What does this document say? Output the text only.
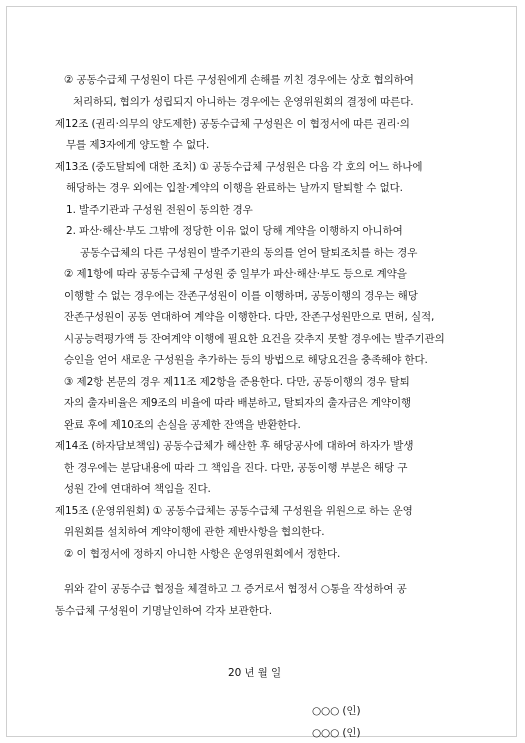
② 공동수급체 구성원이 다른 구성원에게 손해를 끼친 경우에는 상호 협의하여
처리하되, 협의가 성립되지 아니하는 경우에는 운영위원회의 결정에 따른다.
제12조 (권리·의무의 양도제한) 공동수급체 구성원은 이 협정서에 따른 권리·의
무를 제3자에게 양도할 수 없다.
제13조 (중도탈퇴에 대한 조치) ① 공동수급체 구성원은 다음 각 호의 어느 하나에
해당하는 경우 외에는 입찰·계약의 이행을 완료하는 날까지 탈퇴할 수 없다.
1. 발주기관과 구성원 전원이 동의한 경우
2. 파산·해산·부도 그밖에 정당한 이유 없이 당해 계약을 이행하지 아니하여
공동수급체의 다른 구성원이 발주기관의 동의를 얻어 탈퇴조치를 하는 경우
② 제1항에 따라 공동수급체 구성원 중 일부가 파산·해산·부도 등으로 계약을
이행할 수 없는 경우에는 잔존구성원이 이를 이행하며, 공동이행의 경우는 해당
잔존구성원이 공동 연대하여 계약을 이행한다. 다만, 잔존구성원만으로 면허, 실적,
시공능력평가액 등 잔여계약 이행에 필요한 요건을 갖추지 못할 경우에는 발주기관의
승인을 얻어 새로운 구성원을 추가하는 등의 방법으로 해당요건을 충족해야 한다.
③ 제2항 본문의 경우 제11조 제2항을 준용한다. 다만, 공동이행의 경우 탈퇴
자의 출자비율은 제9조의 비율에 따라 배분하고, 탈퇴자의 출자금은 계약이행
완료 후에 제10조의 손실을 공제한 잔액을 반환한다.
제14조 (하자담보책임) 공동수급체가 해산한 후 해당공사에 대하여 하자가 발생
한 경우에는 분담내용에 따라 그 책임을 진다. 다만, 공동이행 부분은 해당 구
성원 간에 연대하여 책임을 진다.
제15조 (운영위원회) ① 공동수급체는 공동수급체 구성원을 위원으로 하는 운영
위원회를 설치하여 계약이행에 관한 제반사항을 협의한다.
② 이 협정서에 정하지 아니한 사항은 운영위원회에서 정한다.
위와 같이 공동수급 협정을 체결하고 그 증거로서 협정서 ○통을 작성하여 공
동수급체 구성원이 기명날인하여 각자 보관한다.
20 년 월 일
○○○ (인)
○○○ (인)
